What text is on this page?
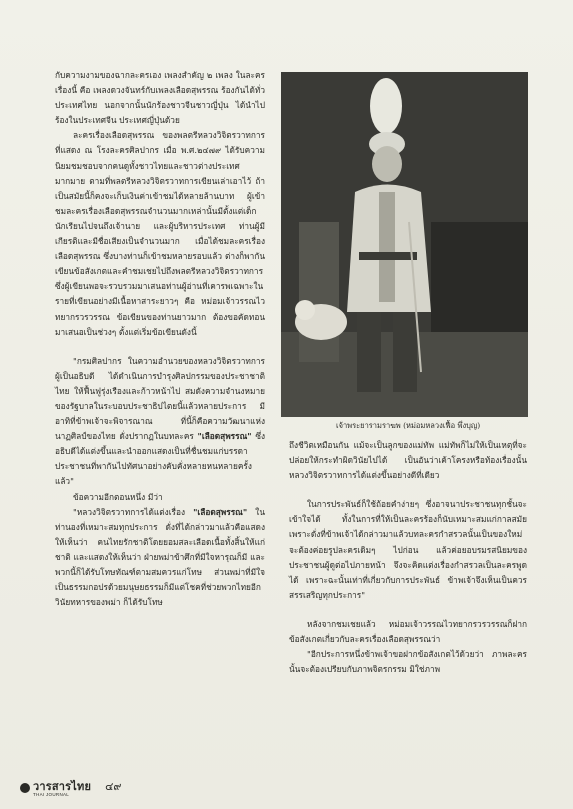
กับความงามของฉากละครเอง เพลงสำคัญ ๒ เพลง ในละครเรื่องนี้ คือ เพลงดวงจันทร์กับเพลงเลือดสุพรรณ ร้องกันได้ทั่วประเทศไทย นอกจากนั้นนักร้องชาวจีนชาวญี่ปุ่น ได้นำไปร้องในประเทศจีน ประเทศญี่ปุ่นด้วย

ละครเรื่องเลือดสุพรรณ ของพลตรีหลวงวิจิตรวาทการที่แสดง ณ โรงละครศิลปากร เมื่อ พ.ศ.๒๔๗๙ ได้รับความนิยมชมชอบจากคนดูทั้งชาวไทยและชาวต่างประเทศมากมาย ตามที่พลตรีหลวงวิจิตรวาทการเขียนเล่าเอาไว้ ถ้าเป็นสมัยนี้ก็คงจะเก็บเงินค่าเข้าชมได้หลายล้านบาท ผู้เข้าชมละครเรื่องเลือดสุพรรณจำนวนมากเหล่านั้นมีตั้งแต่เด็กนักเรียนไปจนถึงเจ้านาย และผู้บริหารประเทศ ท่านผู้มีเกียรติและมีชื่อเสียงเป็นจำนวนมาก เมื่อได้ชมละครเรื่องเลือดสุพรรณ ซึ่งบางท่านก็เข้าชมหลายรอบแล้ว ต่างก็พากันเขียนข้อสังเกตและคำชมเชยไปถึงพลตรีหลวงวิจิตรวาทการ ซึ่งผู้เขียนพอจะรวบรวมมาเสนอท่านผู้อ่านที่เคารพเฉพาะในรายที่เขียนอย่างมีเนื้อหาสาระยาวๆ คือ หม่อมเจ้าวรรณไวทยากรวรวรรณ ข้อเขียนของท่านยาวมาก ต้องขอคัดทอนมาเสนอเป็นช่วงๆ ตั้งแต่เริ่มข้อเขียนดังนี้

"กรมศิลปากร ในความอำนวยของหลวงวิจิตรวาทการ ผู้เป็นอธิบดี ได้ดำเนินการบำรุงศิลปกรรมของประชาชาติไทย ให้ฟื้นฟูรุ่งเรืองและก้าวหน้าไป สมดังความจำนงหมายของรัฐบาลในระบอบประชาธิปไตยนี้แล้วหลายประการ มีอาทิที่ข้าพเจ้าจะพิจารณาณ ที่นี้ก็คือความวัฒนาแห่งนาฏศิลป์ของไทย ดั่งปรากฏในบทละคร "เลือดสุพรรณ" ซึ่งอธิบดีได้แต่งขึ้นและนำออกแสดงเป็นที่ชื่นชมแก่บรรดาประชาชนที่พากันไปทัศนาอย่างคับคั่งหลายหนหลายครั้งแล้ว"

ข้อความอีกตอนหนึ่ง มีว่า

"หลวงวิจิตรวาทการได้แต่งเรื่อง "เลือดสุพรรณ" ในท่านองที่เหมาะสมทุกประการ ดั่งที่ได้กล่าวมาแล้วคือแสดงให้เห็นว่า คนไทยรักชาติโดยยอมสละเลือดเนื้อทั้งสิ้นให้แก่ชาติ และแสดงให้เห็นว่า ฝ่ายพม่าข้าศึกที่มีใจหารุณก็มี และพวกนี้ก็ได้รับโทษทัณฑ์ตามสมควรแก่โทษ ส่วนพม่าที่มีใจเป็นธรรมกอปรด้วยมนุษยธรรมก็มีแต่โชคที่ช่วยพวกไทยอีกวินัยทหารของพม่า ก็ได้รับโทษ

เจ้าพระยารามราฆพ (หม่อมหลวงเฟื้อ พึ่งบุญ)

ถึงชีวิตเหมือนกัน แม้จะเป็นลูกของแม่ทัพ แม่ทัพก็ไม่ให้เป็นเหตุที่จะปล่อยให้กระทำผิดวินัยไปได้ เป็นอันว่าเค้าโครงหรือท้องเรื่องนั้น หลวงวิจิตรวาทการได้แต่งขึ้นอย่างดีที่เดียว

ในการประพันธ์ก็ใช้ถ้อยคำง่ายๆ ซึ่งอาจนาประชาชนทุกชั้นจะเข้าใจได้ ทั้งในการที่ให้เป็นละครร้องก็นับเหมาะสมแก่กาลสมัย เพราะดั่งที่ข้าพเจ้าได้กล่าวมาแล้วบทละครกำสรวลนั้นเป็นของใหม่จะต้องค่อยรูปละครเดิมๆ ไปก่อน แล้วค่อยอบรมรสนิยมของประชาชนผู้ดูต่อไปภายหน้า จึงจะคิดแต่งเรื่องกำสรวลเป็นละครพูดได้ เพราะฉะนั้นเท่าที่เกี่ยวกับการประพันธ์ ข้าพเจ้าจึงเห็นเป็นควรสรรเสริญทุกประการ"

หลังจากชมเชยแล้ว หม่อมเจ้าวรรณไวทยากรวรวรรณก็ฝากข้อสังเกตเกี่ยวกับละครเรื่องเลือดสุพรรณว่า

"อีกประการหนึ่งข้าพเจ้าขอฝากข้อสังเกตไว้ด้วยว่า ภาพละครนั้นจะต้องเปรียบกับภาพจิตรกรรม มิใช่ภาพ

วารสารไทย
THAI JOURNAL
๔๙
